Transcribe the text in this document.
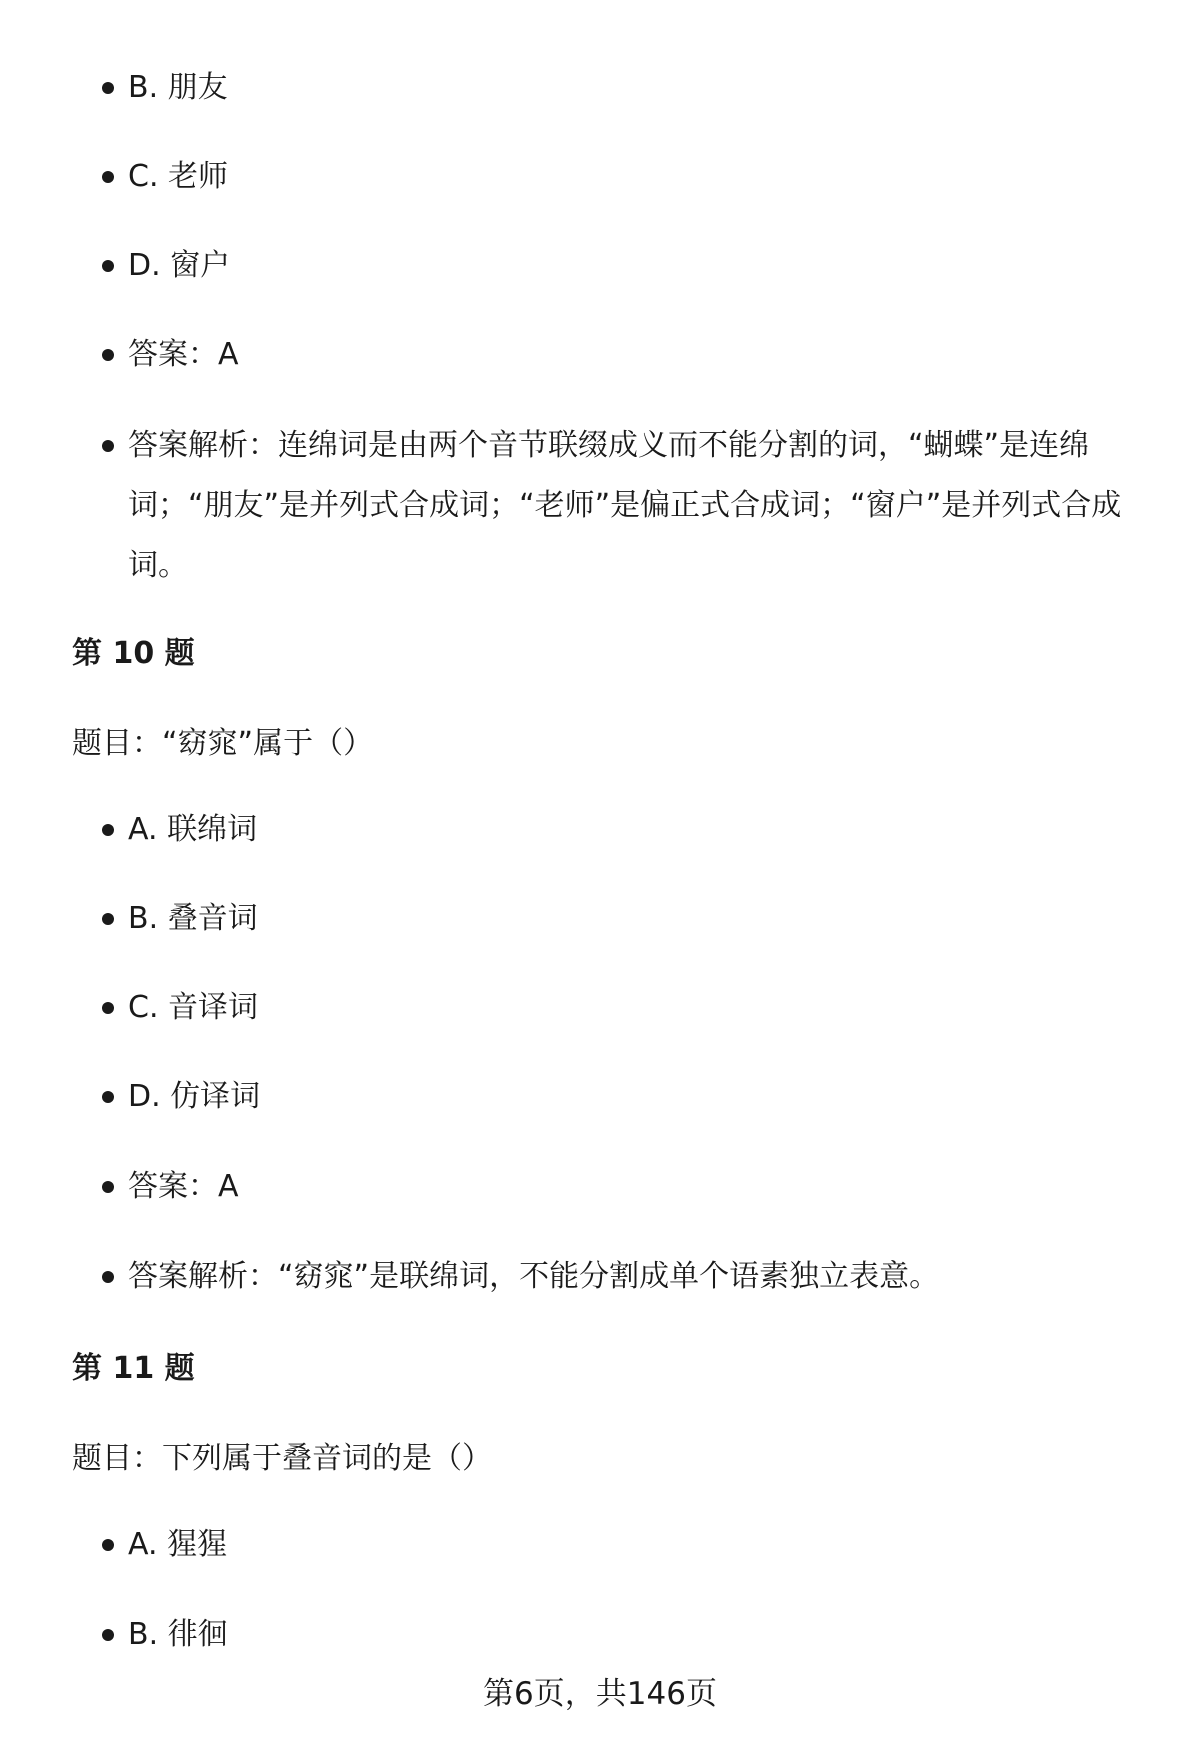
B. 朋友
C. 老师
D. 窗户
答案：A
答案解析：连绵词是由两个音节联缀成义而不能分割的词，“蝴蝶”是连绵词；“朋友”是并列式合成词；“老师”是偏正式合成词；“窗户”是并列式合成词。
第 10 题
题目：“窈窕”属于（）
A. 联绵词
B. 叠音词
C. 音译词
D. 仿译词
答案：A
答案解析：“窈窕”是联绵词，不能分割成单个语素独立表意。
第 11 题
题目：下列属于叠音词的是（）
A. 猩猩
B. 徘徊
第6页，共146页
